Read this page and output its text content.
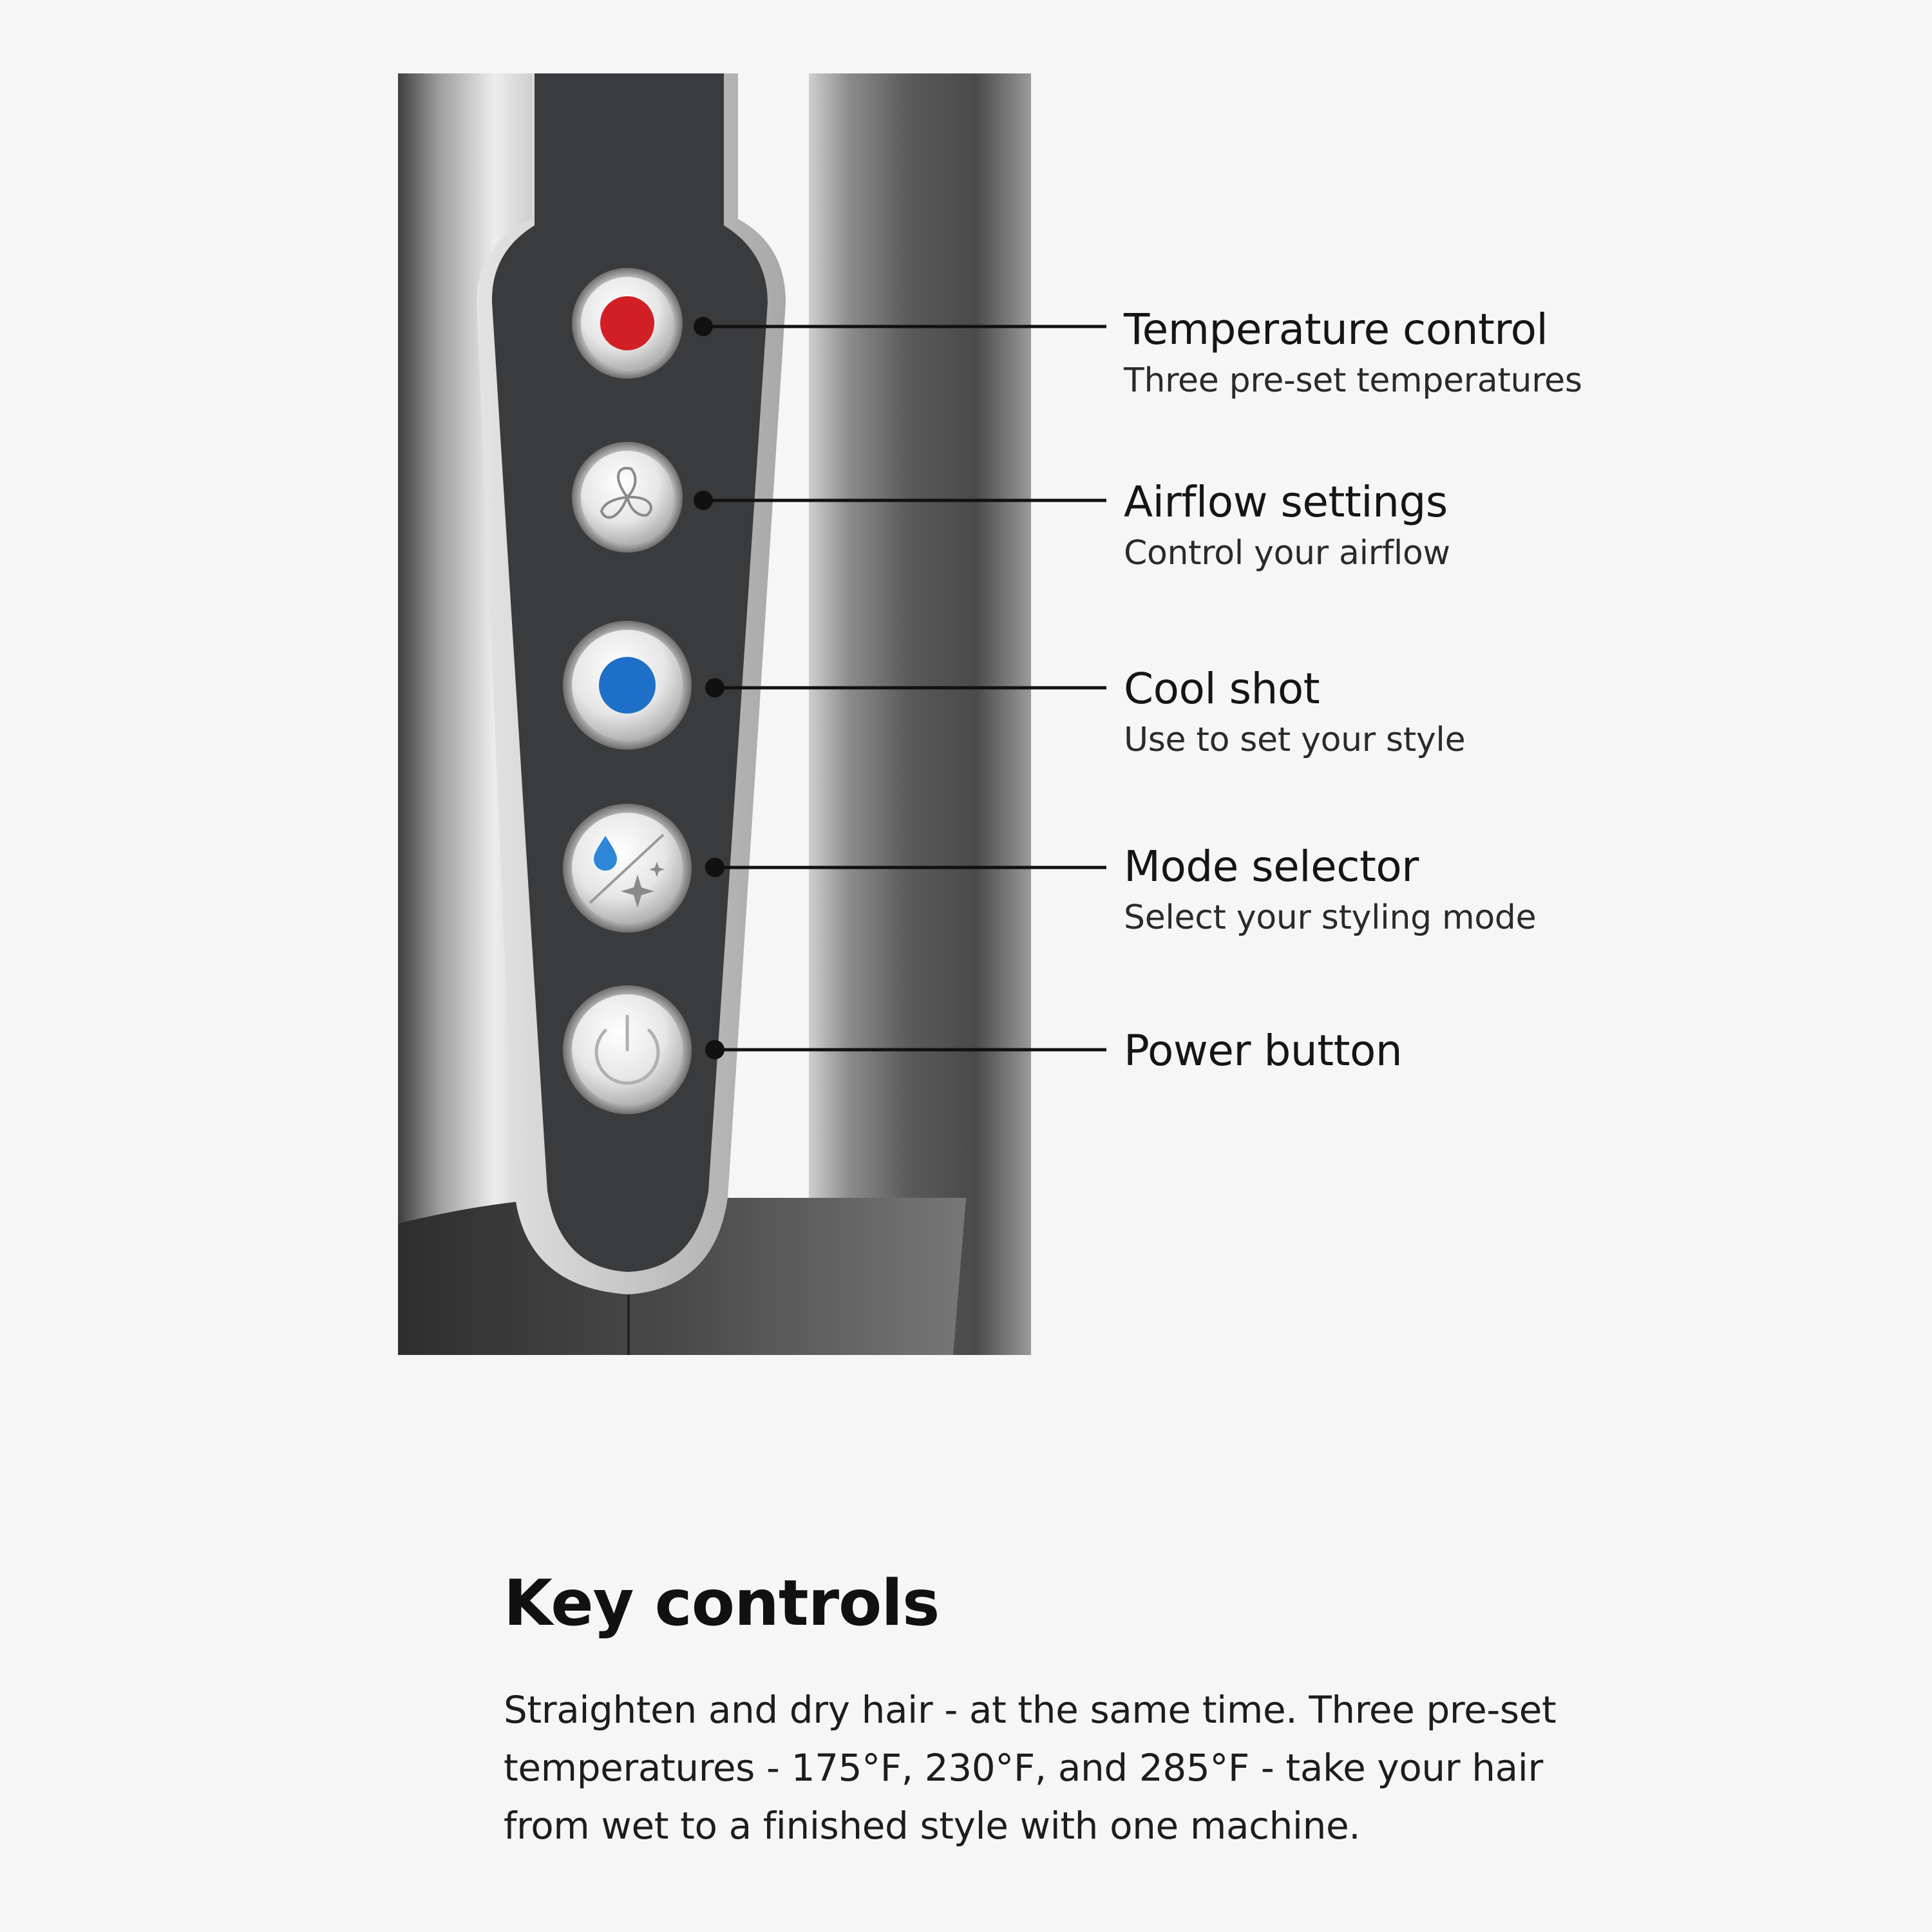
Temperature control
Three pre-set temperatures
Airflow settings
Control your airflow
Cool shot
Use to set your style
Mode selector
Select your styling mode
Power button
Key controls
Straighten and dry hair - at the same time. Three pre-set temperatures - 175°F, 230°F, and 285°F - take your hair from wet to a finished style with one machine.
